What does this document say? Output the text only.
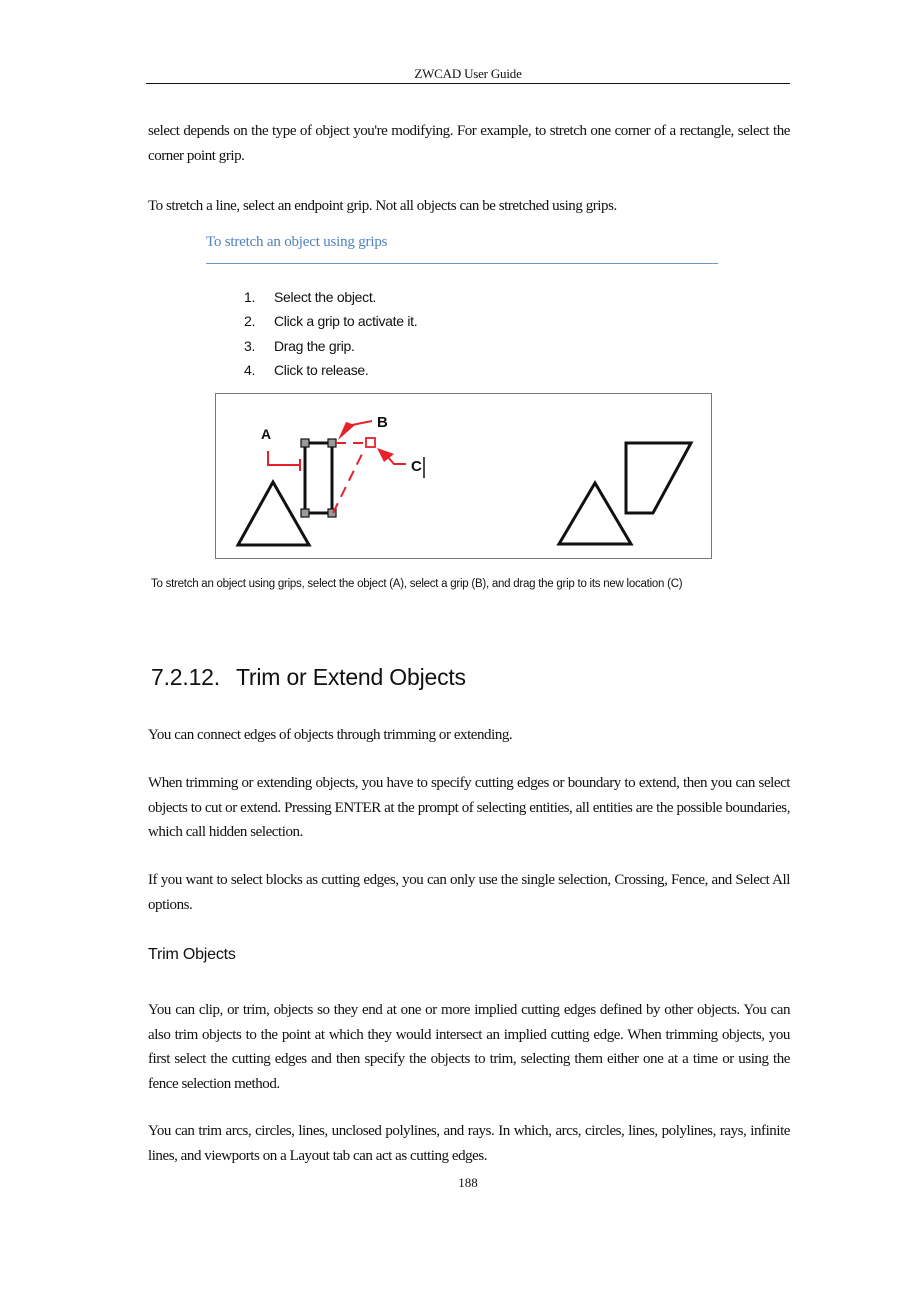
ZWCAD User Guide

select depends on the type of object you're modifying. For example, to stretch one corner of a rectangle, select the corner point grip.

To stretch a line, select an endpoint grip. Not all objects can be stretched using grips.

To stretch an object using grips
1.	Select the object.
2.	Click a grip to activate it.
3.	Drag the grip.
4.	Click to release.
A
B
C
To stretch an object using grips, select the object (A), select a grip (B), and drag the grip to its new location (C)
7.2.12. Trim or Extend Objects

You can connect edges of objects through trimming or extending.

When trimming or extending objects, you have to specify cutting edges or boundary to extend, then you can select objects to cut or extend. Pressing ENTER at the prompt of selecting entities, all entities are the possible boundaries, which call hidden selection.

If you want to select blocks as cutting edges, you can only use the single selection, Crossing, Fence, and Select All options.

Trim Objects

You can clip, or trim, objects so they end at one or more implied cutting edges defined by other objects. You can also trim objects to the point at which they would intersect an implied cutting edge. When trimming objects, you first select the cutting edges and then specify the objects to trim, selecting them either one at a time or using the fence selection method.

You can trim arcs, circles, lines, unclosed polylines, and rays. In which, arcs, circles, lines, polylines, rays, infinite lines, and viewports on a Layout tab can act as cutting edges.

188
